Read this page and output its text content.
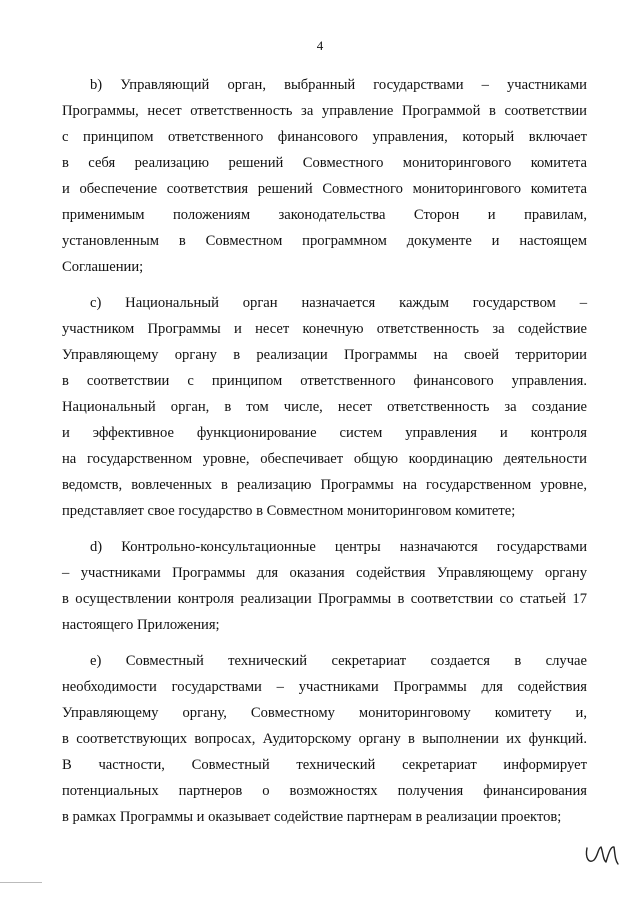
4
b) Управляющий орган, выбранный государствами – участниками
Программы, несет ответственность за управление Программой в соответствии
с принципом ответственного финансового управления, который включает
в себя реализацию решений Совместного мониторингового комитета
и обеспечение соответствия решений Совместного мониторингового комитета
применимым положениям законодательства Сторон и правилам,
установленным в Совместном программном документе и настоящем
Соглашении;
c) Национальный орган назначается каждым государством –
участником Программы и несет конечную ответственность за содействие
Управляющему органу в реализации Программы на своей территории
в соответствии с принципом ответственного финансового управления.
Национальный орган, в том числе, несет ответственность за создание
и эффективное функционирование систем управления и контроля
на государственном уровне, обеспечивает общую координацию деятельности
ведомств, вовлеченных в реализацию Программы на государственном уровне,
представляет свое государство в Совместном мониторинговом комитете;
d) Контрольно-консультационные центры назначаются государствами
– участниками Программы для оказания содействия Управляющему органу
в осуществлении контроля реализации Программы в соответствии со статьей 17
настоящего Приложения;
e) Совместный технический секретариат создается в случае
необходимости государствами – участниками Программы для содействия
Управляющему органу, Совместному мониторинговому комитету и,
в соответствующих вопросах, Аудиторскому органу в выполнении их функций.
В частности, Совместный технический секретариат информирует
потенциальных партнеров о возможностях получения финансирования
в рамках Программы и оказывает содействие партнерам в реализации проектов;
